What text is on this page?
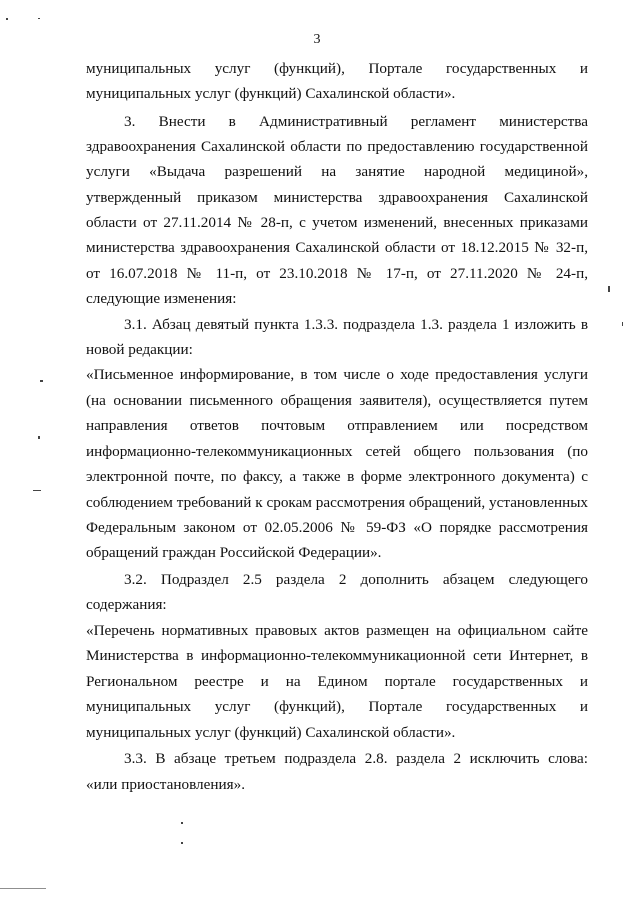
3
муниципальных услуг (функций), Портале государственных и
муниципальных услуг (функций) Сахалинской области».
3. Внести в Административный регламент министерства
здравоохранения Сахалинской области по предоставлению государственной
услуги «Выдача разрешений на занятие народной медициной»,
утвержденный приказом министерства здравоохранения Сахалинской
области от 27.11.2014 № 28-п, с учетом изменений, внесенных приказами
министерства здравоохранения Сахалинской области от 18.12.2015 № 32-п,
от 16.07.2018 № 11-п, от 23.10.2018 № 17-п, от 27.11.2020 № 24-п,
следующие изменения:
3.1. Абзац девятый пункта 1.3.3. подраздела 1.3. раздела 1 изложить в
новой редакции:
«Письменное информирование, в том числе о ходе предоставления услуги
(на основании письменного обращения заявителя), осуществляется путем
направления ответов почтовым отправлением или посредством
информационно-телекоммуникационных сетей общего пользования (по
электронной почте, по факсу, а также в форме электронного документа) с
соблюдением требований к срокам рассмотрения обращений, установленных
Федеральным законом от 02.05.2006 № 59-ФЗ «О порядке рассмотрения
обращений граждан Российской Федерации».
3.2. Подраздел 2.5 раздела 2 дополнить абзацем следующего
содержания:
«Перечень нормативных правовых актов размещен на официальном сайте
Министерства в информационно-телекоммуникационной сети Интернет, в
Региональном реестре и на Едином портале государственных и
муниципальных услуг (функций), Портале государственных и
муниципальных услуг (функций) Сахалинской области».
3.3. В абзаце третьем подраздела 2.8. раздела 2 исключить слова:
«или приостановления».
